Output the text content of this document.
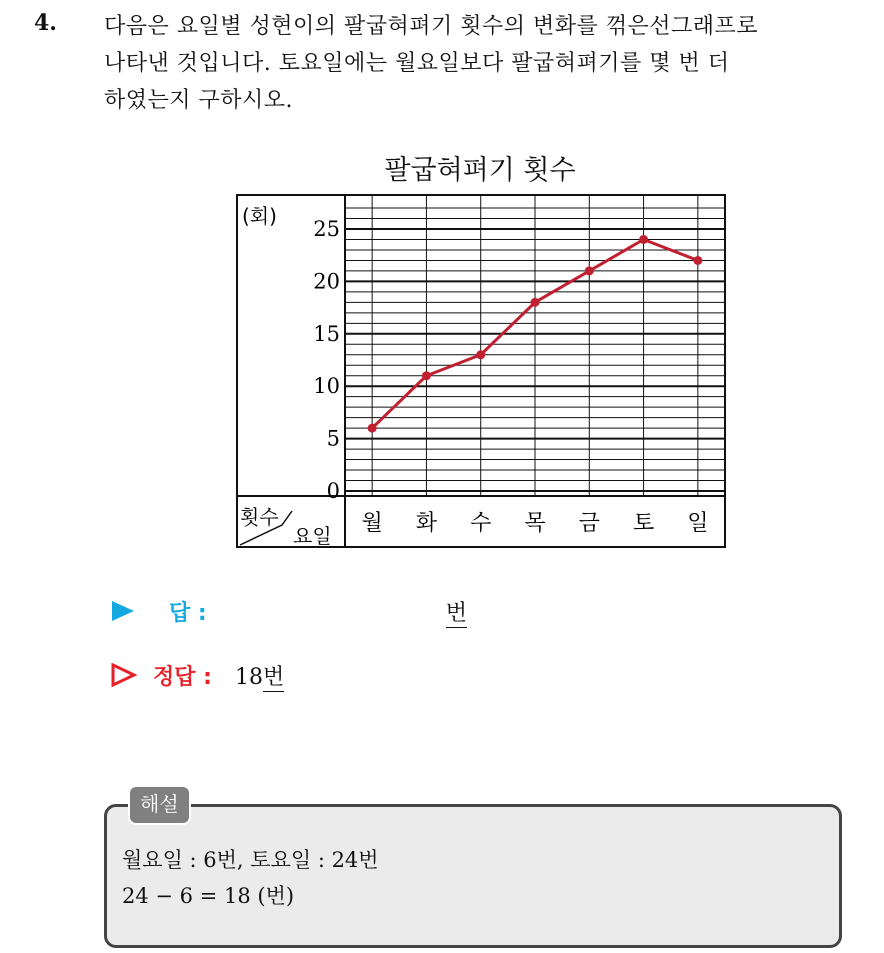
4. 다음은 요일별 성현이의 팔굽혀펴기 횟수의 변화를 꺾은선그래프로
나타낸 것입니다. 토요일에는 월요일보다 팔굽혀펴기를 몇 번 더
하였는지 구하시오.
팔굽혀펴기 횟수
(회)
25
20
15
10
5
0
월 화 수 목 금 토 일
횟수
요일
답 :	번
정답 : 18번
해설
월요일 : 6번, 토요일 : 24번
24 − 6 = 18 (번)
